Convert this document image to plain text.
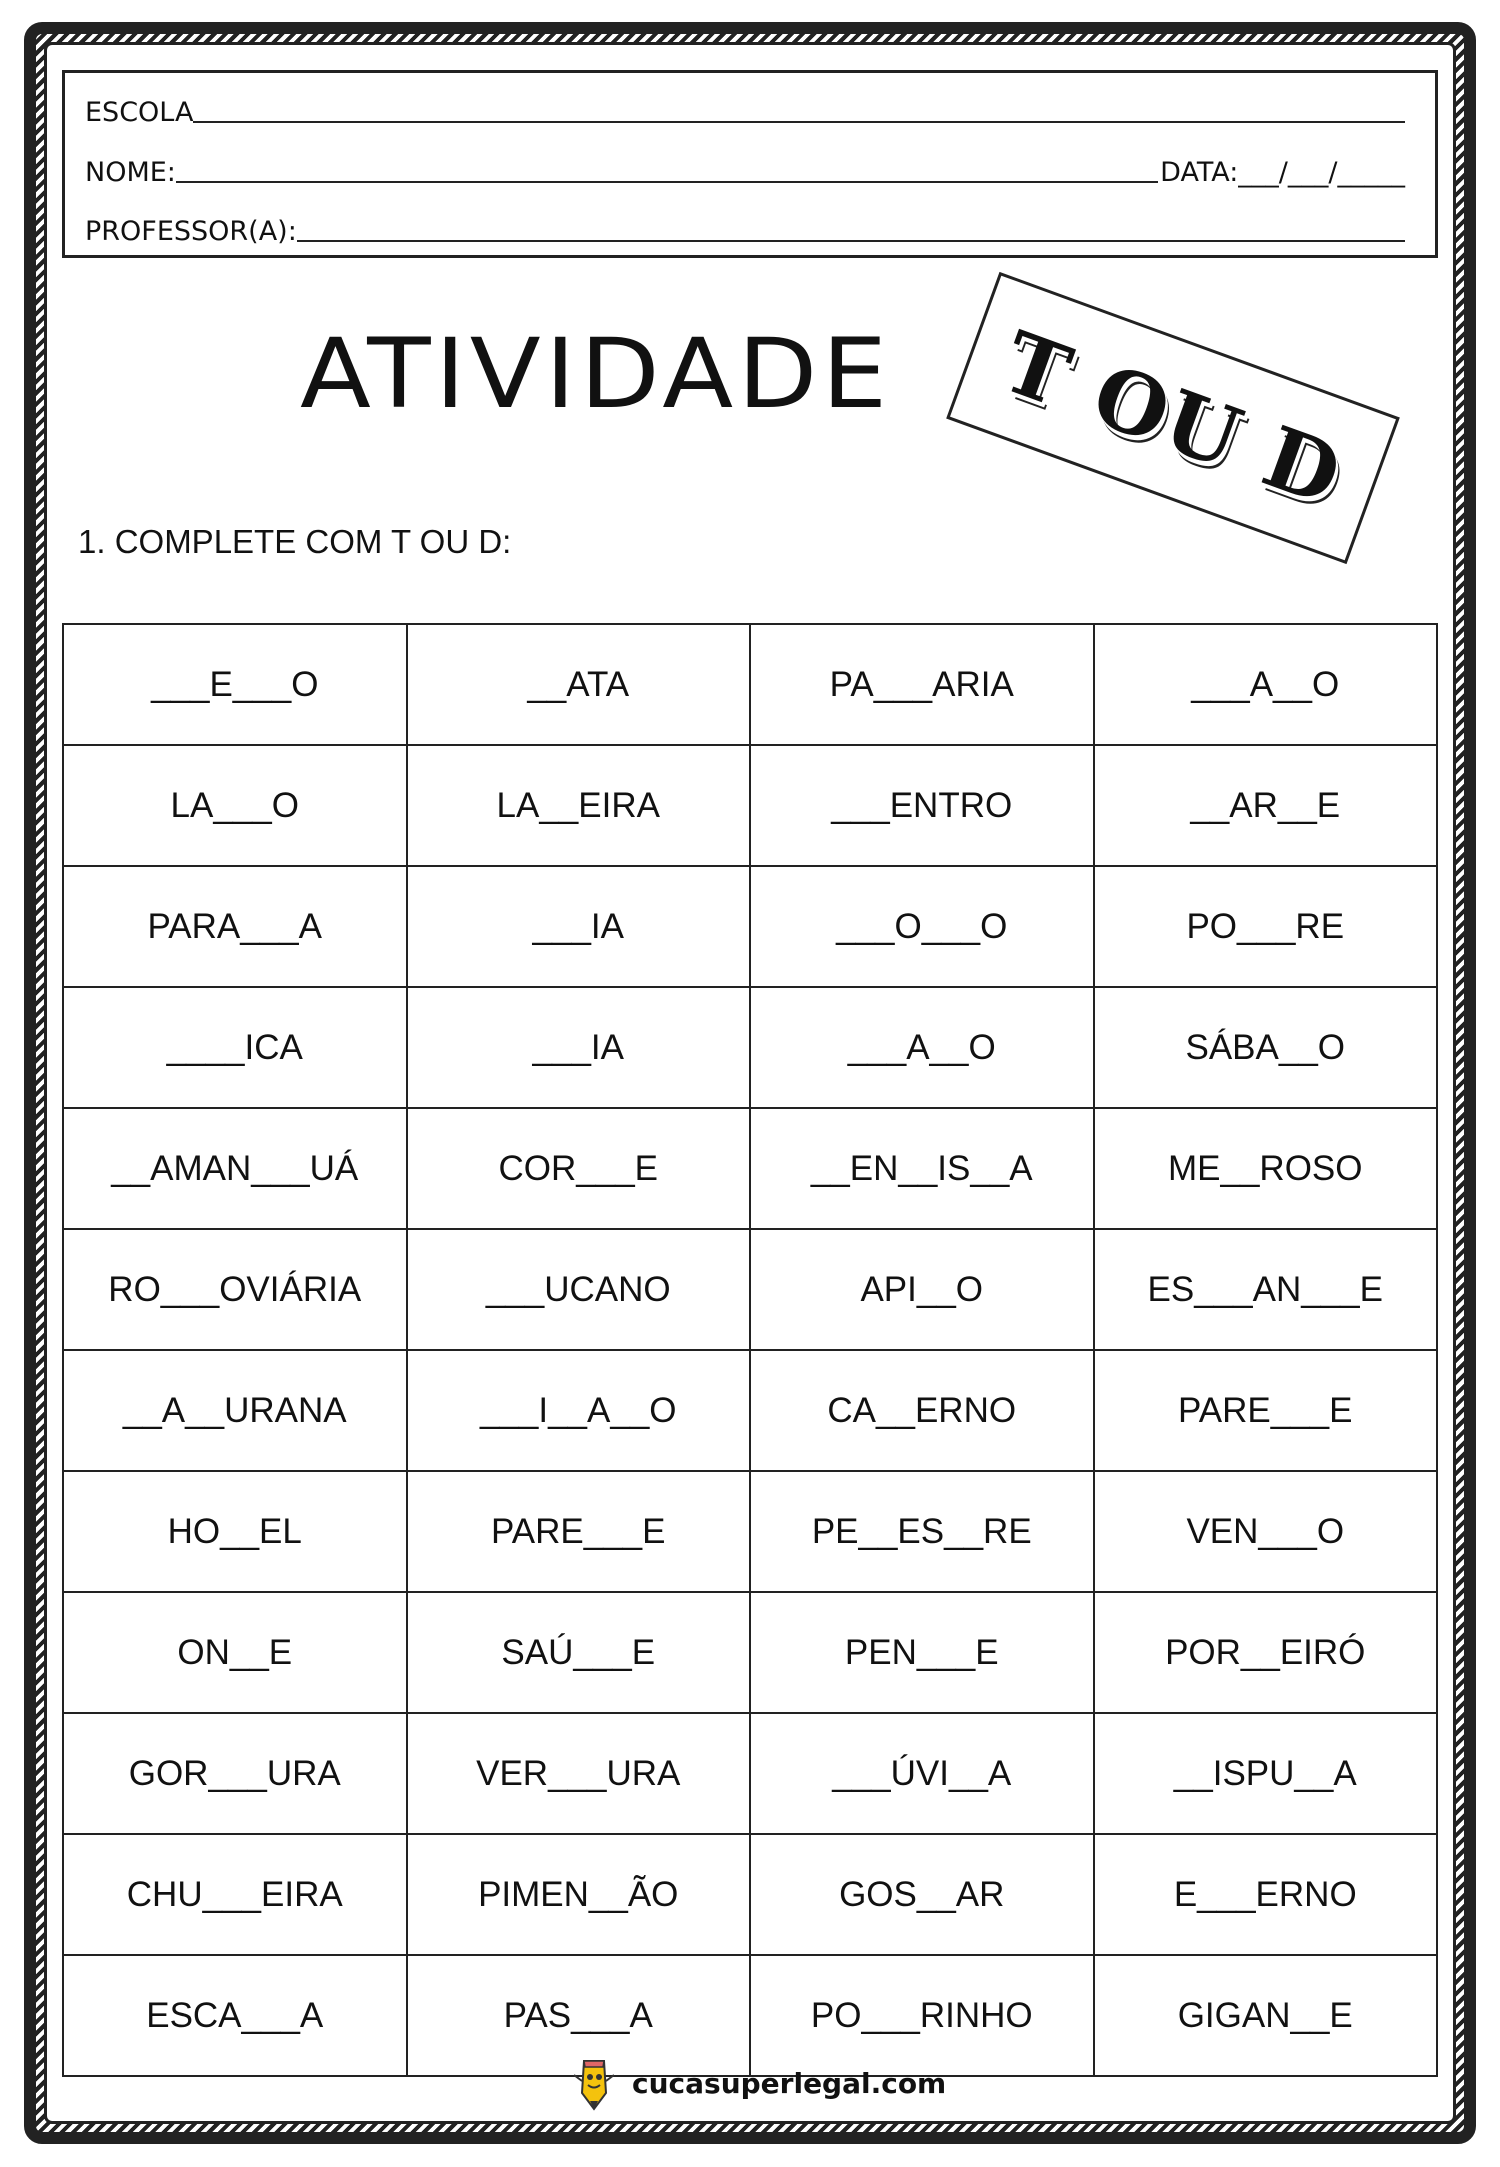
ESCOLA
NOME:	DATA:___/___/_____
PROFESSOR(A):
ATIVIDADE T OU D
1. COMPLETE COM T OU D:
___E___O	__ATA	PA___ARIA	___A__O
LA___O	LA__EIRA	___ENTRO	__AR__E
PARA___A	___IA	___O___O	PO___RE
____ICA	___IA	___A__O	SÁBA__O
__AMAN___UÁ	COR___E	__EN__IS__A	ME__ROSO
RO___OVIÁRIA	___UCANO	API__O	ES___AN___E
__A__URANA	___I__A__O	CA__ERNO	PARE___E
HO__EL	PARE___E	PE__ES__RE	VEN___O
ON__E	SAÚ___E	PEN___E	POR__EIRÓ
GOR___URA	VER___URA	___ÚVI__A	__ISPU__A
CHU___EIRA	PIMEN__ÃO	GOS__AR	E___ERNO
ESCA___A	PAS___A	PO___RINHO	GIGAN__E
cucasuperlegal.com
